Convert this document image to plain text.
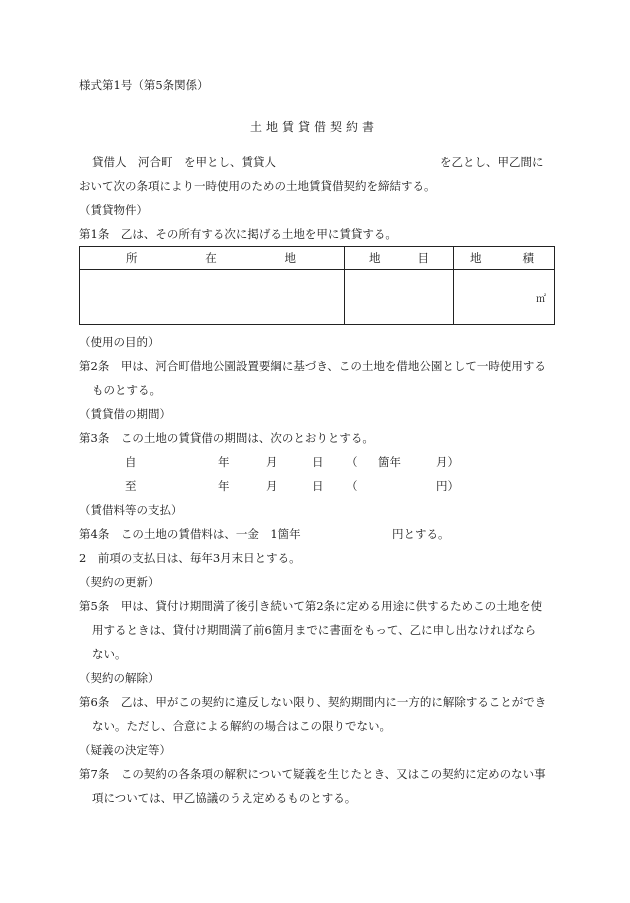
様式第1号（第5条関係）
土地賃貸借契約書
貸借人　河合町　を甲とし、賃貸人	を乙とし、甲乙間に
おいて次の条項により一時使用のための土地賃貸借契約を締結する。
（賃貸物件）
第1条　乙は、その所有する次に掲げる土地を甲に賃貸する。
所 在 地	地 目	地 積

		㎡
（使用の目的）
第2条　甲は、河合町借地公園設置要綱に基づき、この土地を借地公園として一時使用する
ものとする。
（賃貸借の期間）
第3条　この土地の賃貸借の期間は、次のとおりとする。
自	年	月	日 （ 箇年	月）
至	年	月	日 （	円）
（賃借料等の支払）
第4条　この土地の賃借料は、一金　1箇年	円とする。
2　前項の支払日は、毎年3月末日とする。
（契約の更新）
第5条　甲は、貸付け期間満了後引き続いて第2条に定める用途に供するためこの土地を使
用するときは、貸付け期間満了前6箇月までに書面をもって、乙に申し出なければなら
ない。
（契約の解除）
第6条　乙は、甲がこの契約に違反しない限り、契約期間内に一方的に解除することができ
ない。ただし、合意による解約の場合はこの限りでない。
（疑義の決定等）
第7条　この契約の各条項の解釈について疑義を生じたとき、又はこの契約に定めのない事
項については、甲乙協議のうえ定めるものとする。
